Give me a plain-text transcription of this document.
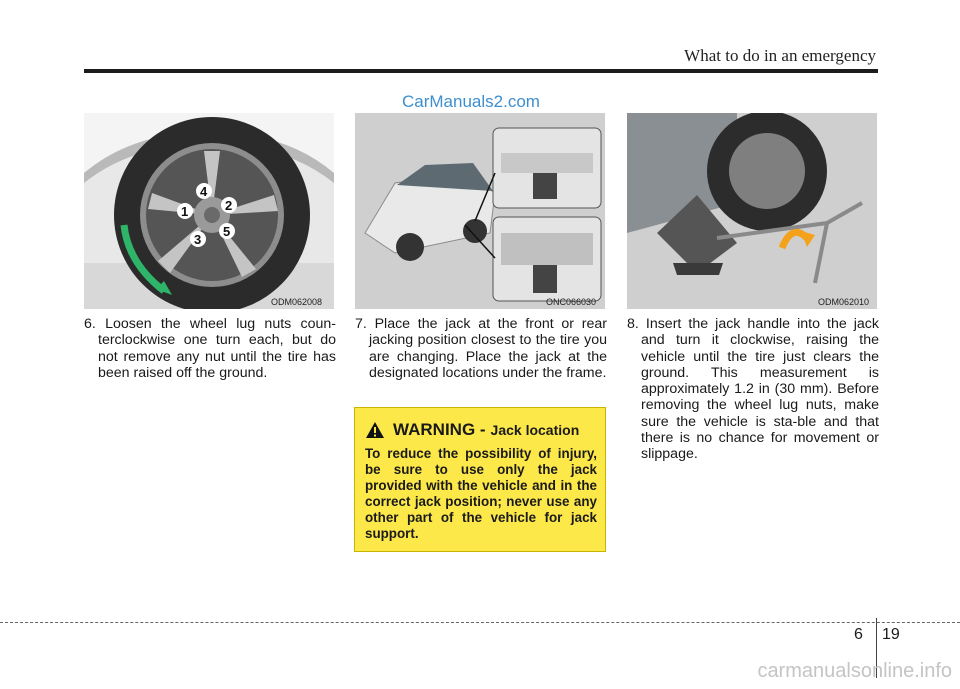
What to do in an emergency
CarManuals2.com
1	2
3
4
5
ODM062008	ONC066030	ODM062010

6. Loosen the wheel lug nuts coun-terclockwise one turn each, but do not remove any nut until the tire has been raised off the ground.

7. Place the jack at the front or rear jacking position closest to the tire you are changing. Place the jack at the designated locations under the frame.

8. Insert the jack handle into the jack and turn it clockwise, raising the vehicle until the tire just clears the ground. This measurement is approximately 1.2 in (30 mm). Before removing the wheel lug nuts, make sure the vehicle is sta-ble and that there is no chance for movement or slippage.

WARNING - Jack location
To reduce the possibility of injury, be sure to use only the jack provided with the vehicle and in the correct jack position; never use any other part of the vehicle for jack support.
6 19
carmanualsonline.info
